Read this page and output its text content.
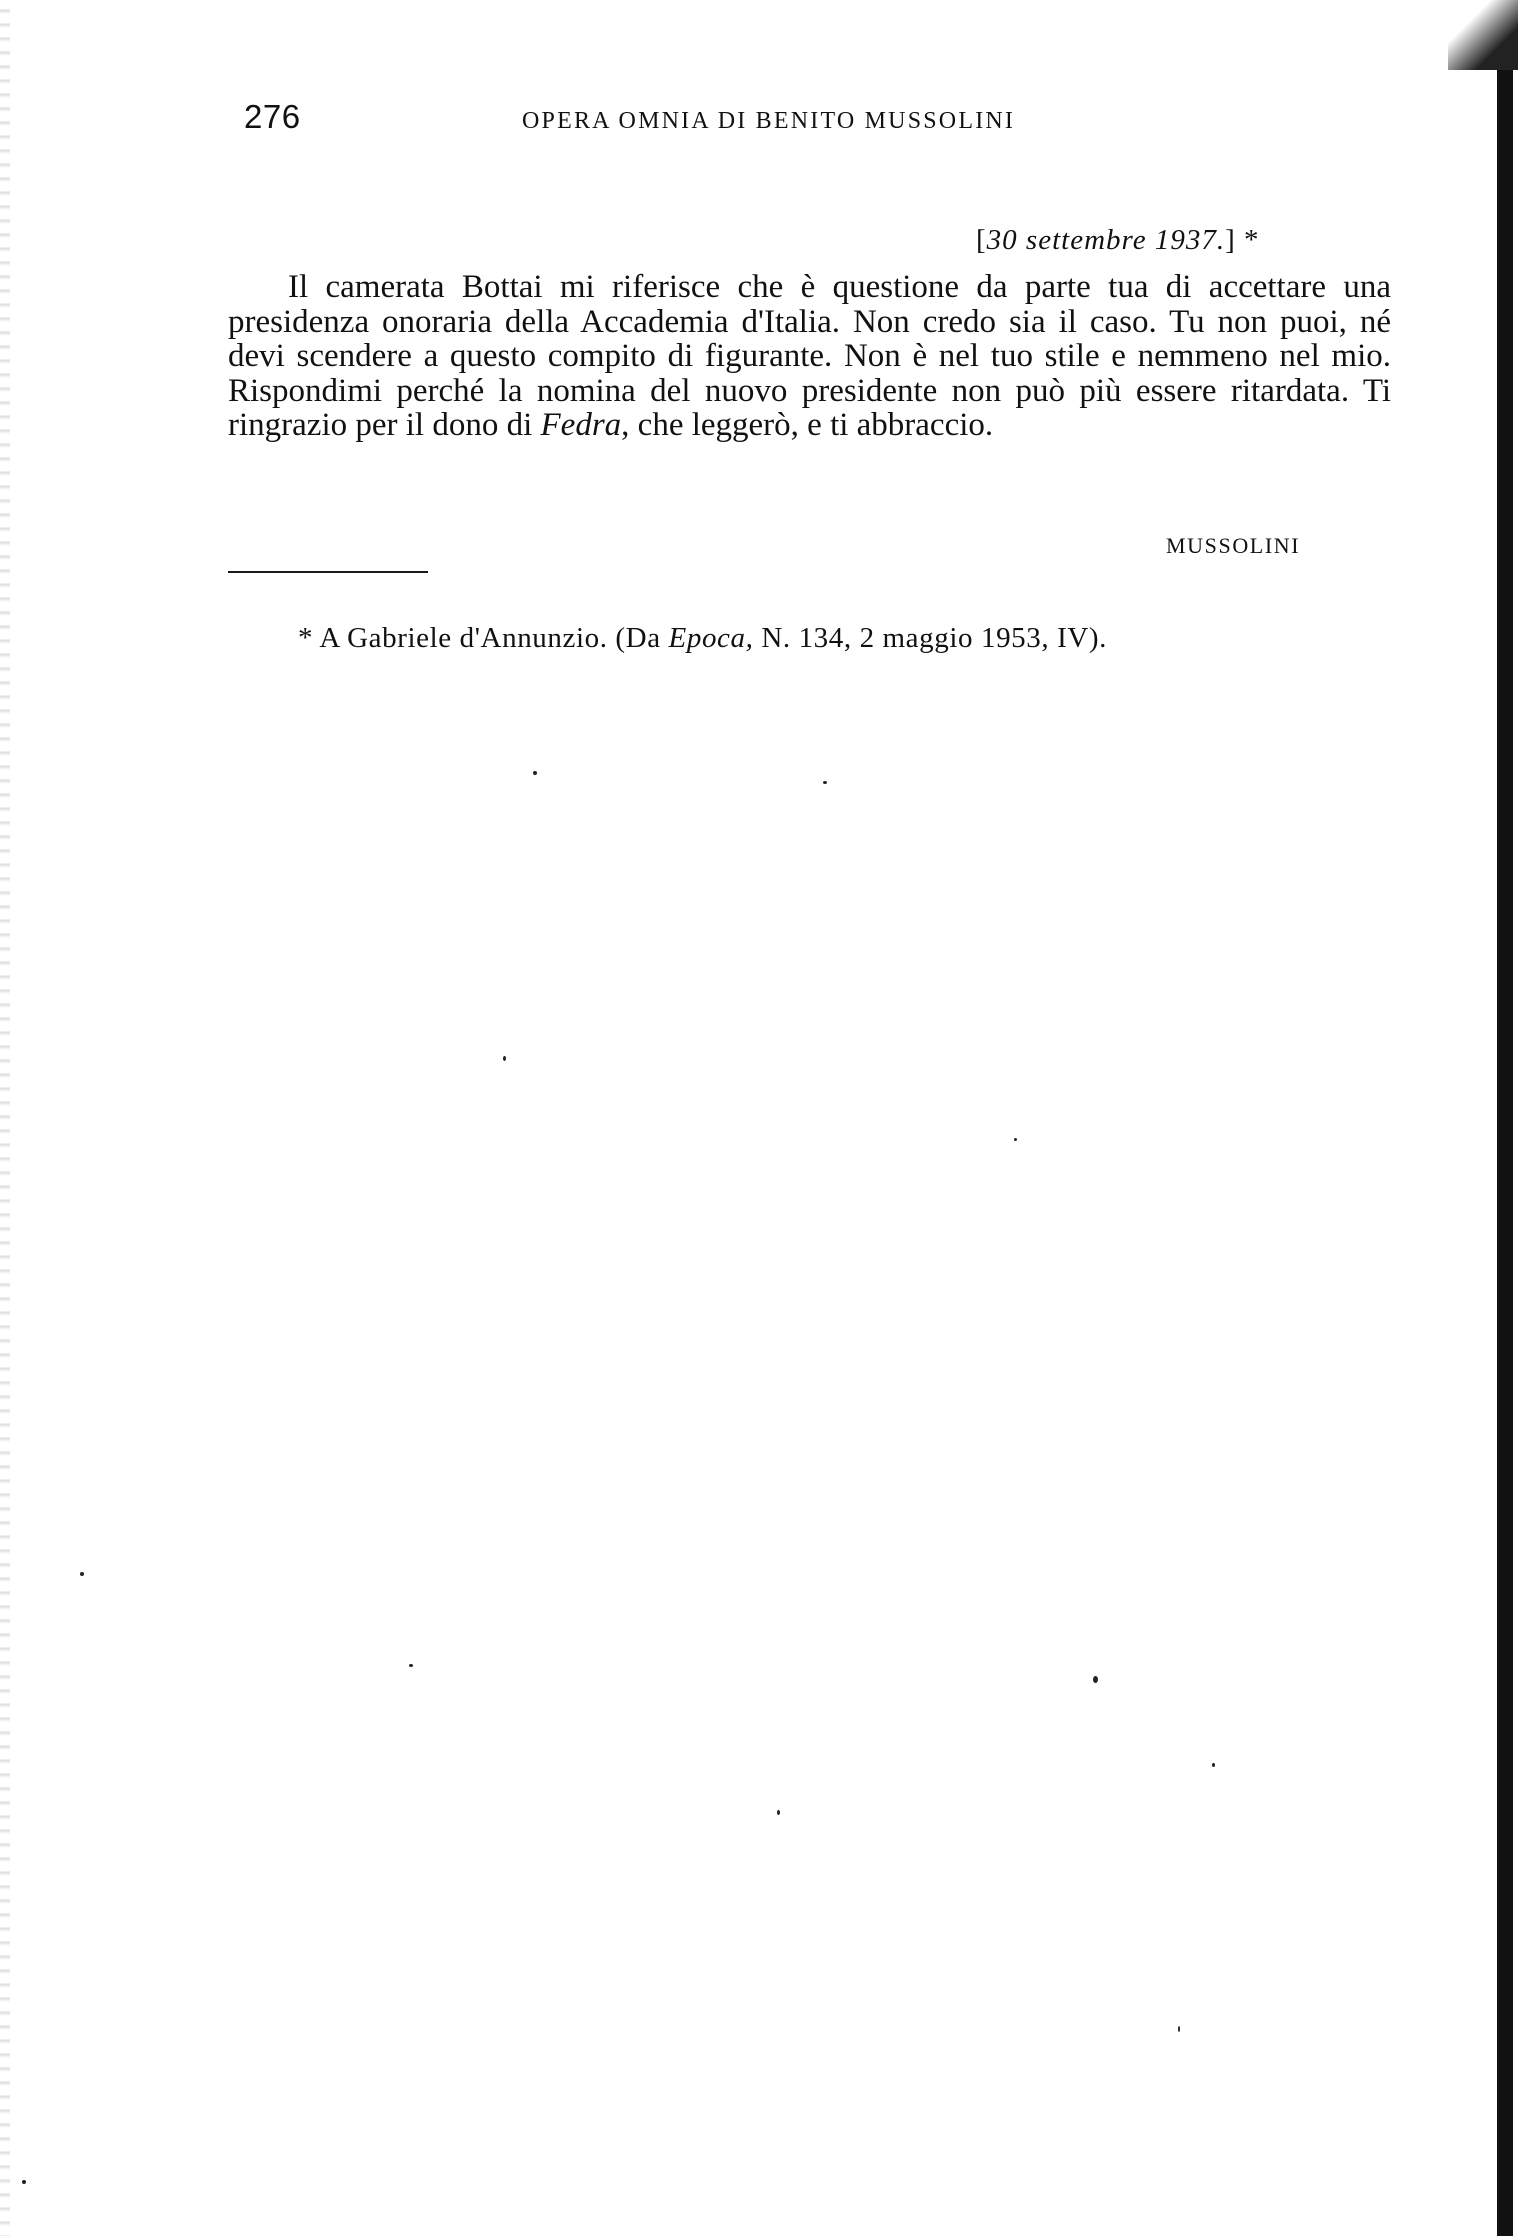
276	OPERA OMNIA DI BENITO MUSSOLINI
[30 settembre 1937.] *

Il camerata Bottai mi riferisce che è questione da parte tua di accettare una presidenza onoraria della Accademia d'Italia. Non credo sia il caso. Tu non puoi, né devi scendere a questo compito di figurante. Non è nel tuo stile e nemmeno nel mio. Rispondimi perché la nomina del nuovo presidente non può più essere ritardata. Ti ringrazio per il dono di Fedra, che leggerò, e ti abbraccio.

MUSSOLINI
* A Gabriele d'Annunzio. (Da Epoca, N. 134, 2 maggio 1953, IV).
